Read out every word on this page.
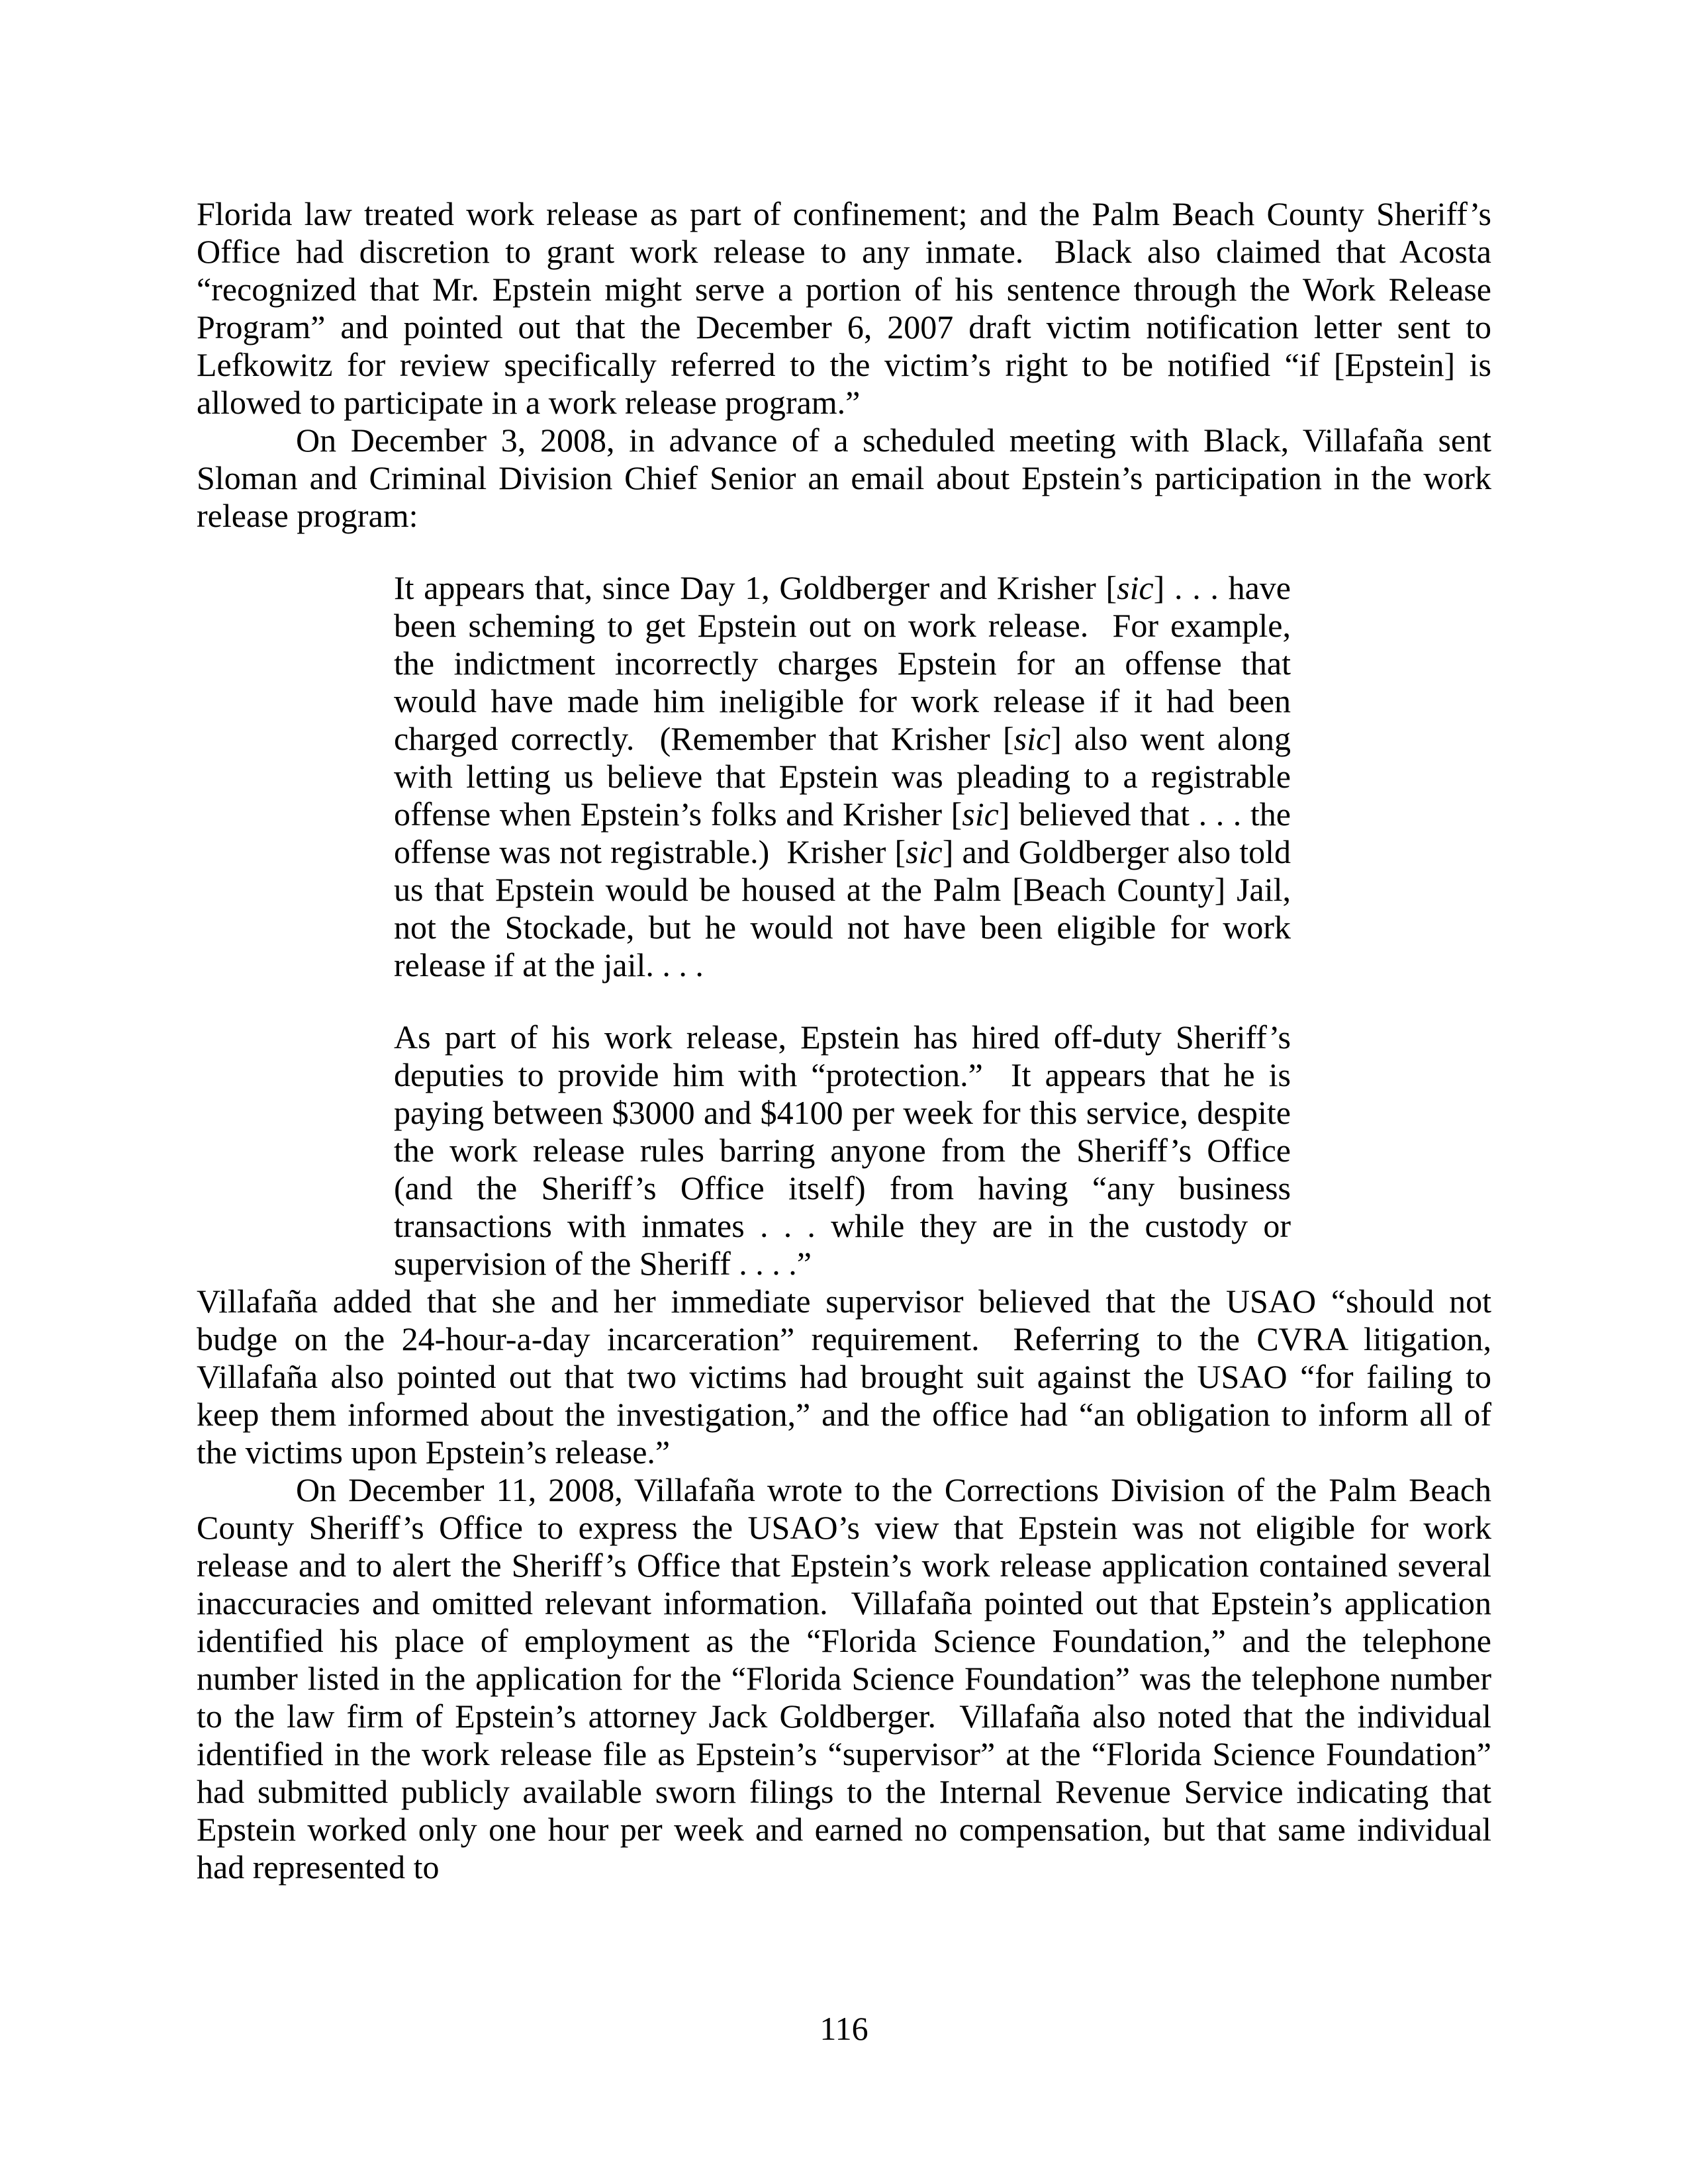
Florida law treated work release as part of confinement; and the Palm Beach County Sheriff’s Office had discretion to grant work release to any inmate.  Black also claimed that Acosta “recognized that Mr. Epstein might serve a portion of his sentence through the Work Release Program” and pointed out that the December 6, 2007 draft victim notification letter sent to Lefkowitz for review specifically referred to the victim’s right to be notified “if [Epstein] is allowed to participate in a work release program.”

On December 3, 2008, in advance of a scheduled meeting with Black, Villafaña sent Sloman and Criminal Division Chief Senior an email about Epstein’s participation in the work release program:

It appears that, since Day 1, Goldberger and Krisher [sic] . . . have been scheming to get Epstein out on work release.  For example, the indictment incorrectly charges Epstein for an offense that would have made him ineligible for work release if it had been charged correctly.  (Remember that Krisher [sic] also went along with letting us believe that Epstein was pleading to a registrable offense when Epstein’s folks and Krisher [sic] believed that . . . the offense was not registrable.)  Krisher [sic] and Goldberger also told us that Epstein would be housed at the Palm [Beach County] Jail, not the Stockade, but he would not have been eligible for work release if at the jail. . . .

As part of his work release, Epstein has hired off-duty Sheriff’s deputies to provide him with “protection.”  It appears that he is paying between $3000 and $4100 per week for this service, despite the work release rules barring anyone from the Sheriff’s Office (and the Sheriff’s Office itself) from having “any business transactions with inmates . . . while they are in the custody or supervision of the Sheriff . . . .”

Villafaña added that she and her immediate supervisor believed that the USAO “should not budge on the 24-hour-a-day incarceration” requirement.  Referring to the CVRA litigation, Villafaña also pointed out that two victims had brought suit against the USAO “for failing to keep them informed about the investigation,” and the office had “an obligation to inform all of the victims upon Epstein’s release.”

On December 11, 2008, Villafaña wrote to the Corrections Division of the Palm Beach County Sheriff’s Office to express the USAO’s view that Epstein was not eligible for work release and to alert the Sheriff’s Office that Epstein’s work release application contained several inaccuracies and omitted relevant information.  Villafaña pointed out that Epstein’s application identified his place of employment as the “Florida Science Foundation,” and the telephone number listed in the application for the “Florida Science Foundation” was the telephone number to the law firm of Epstein’s attorney Jack Goldberger.  Villafaña also noted that the individual identified in the work release file as Epstein’s “supervisor” at the “Florida Science Foundation” had submitted publicly available sworn filings to the Internal Revenue Service indicating that Epstein worked only one hour per week and earned no compensation, but that same individual had represented to

116
